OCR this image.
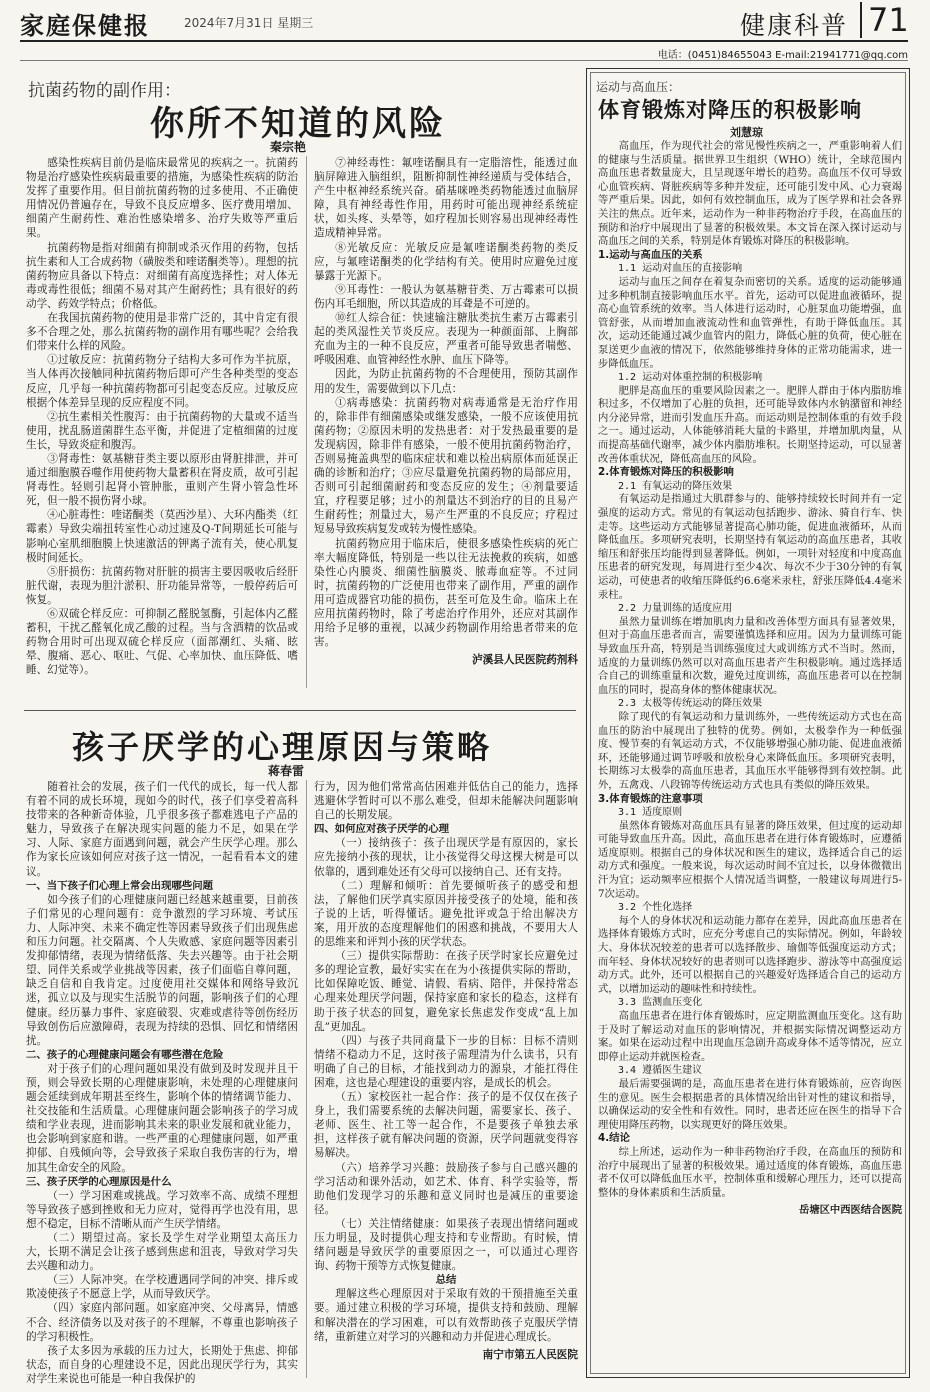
家庭保健报	2024年7月31日 星期三	健康科普 71
电话：(0451)84655043 E-mail:21941771@qq.com
抗菌药物的副作用：
你所不知道的风险
秦宗艳

感染性疾病目前仍是临床最常见的疾病之一。抗菌药物是治疗感染性疾病最重要的措施，为感染性疾病的防治发挥了重要作用。但目前抗菌药物的过多使用、不正确使用情况仍普遍存在，导致不良反应增多、医疗费用增加、细菌产生耐药性、难治性感染增多、治疗失败等严重后果。

抗菌药物是指对细菌有抑制或杀灭作用的药物，包括抗生素和人工合成药物（磺胺类和喹诺酮类等）。理想的抗菌药物应具备以下特点：对细菌有高度选择性；对人体无毒或毒性很低；细菌不易对其产生耐药性；具有很好的药动学、药效学特点；价格低。

在我国抗菌药物的使用是非常广泛的，其中肯定有很多不合理之处，那么抗菌药物的副作用有哪些呢？会给我们带来什么样的风险。

①过敏反应：抗菌药物分子结构大多可作为半抗原，当人体再次接触同种抗菌药物后即可产生各种类型的变态反应，几乎每一种抗菌药物都可引起变态反应。过敏反应根据个体差异呈现的反应程度不同。

②抗生素相关性腹泻：由于抗菌药物的大量或不适当使用，扰乱肠道菌群生态平衡，并促进了定植细菌的过度生长，导致炎症和腹泻。

③肾毒性：氨基糖苷类主要以原形由肾脏排泄，并可通过细胞膜吞噬作用使药物大量蓄积在肾皮质，故可引起肾毒性。轻则引起肾小管肿胀，重则产生肾小管急性坏死，但一般不损伤肾小球。

④心脏毒性：喹诺酮类（莫西沙星）、大环内酯类（红霉素）导致尖端扭转室性心动过速及Q-T间期延长可能与影响心室肌细胞膜上快速激活的钾离子流有关，使心肌复极时间延长。

⑤肝损伤：抗菌药物对肝脏的损害主要因吸收后经肝脏代谢，表现为胆汁淤积、肝功能异常等，一般停药后可恢复。

⑥双硫仑样反应：可抑制乙醛脱氢酶，引起体内乙醛蓄积，干扰乙醛氧化成乙酸的过程。当与含酒精的饮品或药物合用时可出现双硫仑样反应（面部潮红、头痛、眩晕、腹痛、恶心、呕吐、气促、心率加快、血压降低、嗜睡、幻觉等）。

⑦神经毒性：氟喹诺酮具有一定脂溶性，能透过血脑屏障进入脑组织，阻断抑制性神经递质与受体结合，产生中枢神经系统兴奋。硝基咪唑类药物能透过血脑屏障，具有神经毒性作用，用药时可能出现神经系统症状，如头疼、头晕等，如疗程加长则容易出现神经毒性造成精神异常。

⑧光敏反应：光敏反应是氟喹诺酮类药物的类反应，与氟喹诺酮类的化学结构有关。使用时应避免过度暴露于光源下。

⑨耳毒性：一般认为氨基糖苷类、万古霉素可以损伤内耳毛细胞，所以其造成的耳聋是不可逆的。

⑩红人综合征：快速输注糖肽类抗生素万古霉素引起的类风湿性关节炎反应。表现为一种颜面部、上胸部充血为主的一种不良反应，严重者可能导致患者喘憋、呼吸困难、血管神经性水肿、血压下降等。

因此，为防止抗菌药物的不合理使用，预防其副作用的发生，需要做到以下几点：

①病毒感染：抗菌药物对病毒通常是无治疗作用的，除非伴有细菌感染或继发感染，一般不应该使用抗菌药物；②原因未明的发热患者：对于发热最重要的是发现病因，除非伴有感染，一般不使用抗菌药物治疗，否则易掩盖典型的临床症状和难以检出病原体而延误正确的诊断和治疗；③应尽量避免抗菌药物的局部应用，否则可引起细菌耐药和变态反应的发生；④剂量要适宜，疗程要足够；过小的剂量达不到治疗的目的且易产生耐药性；剂量过大，易产生严重的不良反应；疗程过短易导致疾病复发或转为慢性感染。

抗菌药物应用于临床后，使很多感染性疾病的死亡率大幅度降低，特别是一些以往无法挽救的疾病，如感染性心内膜炎、细菌性脑膜炎、脓毒血症等。不过同时，抗菌药物的广泛使用也带来了副作用，严重的副作用可造成器官功能的损伤，甚至可危及生命。临床上在应用抗菌药物时，除了考虑治疗作用外，还应对其副作用给予足够的重视，以减少药物副作用给患者带来的危害。

泸溪县人民医院药剂科

孩子厌学的心理原因与策略
蒋春雷

随着社会的发展，孩子们一代代的成长，每一代人都有着不同的成长环境，现如今的时代，孩子们享受着高科技带来的各种新奇体验，几乎很多孩子都难逃电子产品的魅力，导致孩子在解决现实问题的能力不足，如果在学习、人际、家庭方面遇到问题，就会产生厌学心理。那么作为家长应该如何应对孩子这一情况，一起看看本文的建议。

一、当下孩子们心理上常会出现哪些问题

如今孩子们的心理健康问题已经越来越重要，目前孩子们常见的心理问题有：竞争激烈的学习环境、考试压力、人际冲突、未来不确定性等因素导致孩子们出现焦虑和压力问题。社交隔离、个人失败感、家庭问题等因素引发抑郁情绪，表现为情绪低落、失去兴趣等。由于社会期望、同伴关系或学业挑战等因素，孩子们面临自尊问题，缺乏自信和自我肯定。过度使用社交媒体和网络导致沉迷，孤立以及与现实生活脱节的问题，影响孩子们的心理健康。经历暴力事件、家庭破裂、灾难或虐待等创伤经历导致创伤后应激障碍，表现为持续的恐惧、回忆和情绪困扰。

二、孩子的心理健康问题会有哪些潜在危险

对于孩子们的心理问题如果没有做到及时发现并且干预，则会导致长期的心理健康影响，未处理的心理健康问题会延续到成年期甚至终生，影响个体的情绪调节能力、社交技能和生活质量。心理健康问题会影响孩子的学习成绩和学业表现，进而影响其未来的职业发展和就业能力，也会影响到家庭和谐。一些严重的心理健康问题，如严重抑郁、自残倾向等，会导致孩子采取自我伤害的行为，增加其生命安全的风险。

三、孩子厌学的心理原因是什么

（一）学习困难或挑战。学习效率不高、成绩不理想等导致孩子感到挫败和无力应对，觉得再学也没有用，思想不稳定，目标不清晰从而产生厌学情绪。

（二）期望过高。家长及学生对学业期望太高压力大，长期不满足会让孩子感到焦虑和沮丧，导致对学习失去兴趣和动力。

（三）人际冲突。在学校遭遇同学间的冲突、排斥或欺凌使孩子不愿意上学，从而导致厌学。

（四）家庭内部问题。如家庭冲突、父母离异，情感不合、经济债务以及对孩子的不理解，不尊重也影响孩子的学习积极性。

孩子太多因为承载的压力过大，长期处于焦虑、抑郁状态，而自身的心理建设不足，因此出现厌学行为，其实对学生来说也可能是一种自我保护的

行为，因为他们常常高估困难并低估自己的能力，选择逃避休学暂时可以不那么难受，但却未能解决问题影响自己的长期发展。

四、如何应对孩子厌学的心理

（一）接纳孩子：孩子出现厌学是有原因的，家长应先接纳小孩的现状，让小孩觉得父母这棵大树是可以依靠的，遇到难处还有父母可以接纳自己、还有支持。

（二）理解和倾听：首先要倾听孩子的感受和想法，了解他们厌学真实原因并接受孩子的处境，能和孩子说的上话，听得懂话。避免批评或急于给出解决方案，用开放的态度理解他们的困惑和挑战，不要用大人的思维来和评判小孩的厌学状态。

（三）提供实际帮助：在孩子厌学时家长应避免过多的理论宣教，最好实实在在为小孩提供实际的帮助，比如保障吃饭、睡觉、请假、看病、陪伴，并保持常态心理来处理厌学问题，保持家庭和家长的稳态，这样有助于孩子状态的回复，避免家长焦虑发作变成“乱上加乱”更加乱。

（四）与孩子共同商量下一步的目标：目标不清则情绪不稳动力不足，这时孩子需理清为什么读书，只有明确了自己的目标，才能找到动力的源泉，才能扛得住困难，这也是心理建设的重要内容，是成长的机会。

（五）家校医社一起合作：孩子的是不仅仅在孩子身上，我们需要系统的去解决问题，需要家长、孩子、老师、医生、社工等一起合作，不是要孩子单独去承担，这样孩子就有解决问题的资源，厌学问题就变得容易解决。

（六）培养学习兴趣：鼓励孩子参与自己感兴趣的学习活动和课外活动，如艺术、体育、科学实验等，帮助他们发现学习的乐趣和意义同时也是减压的重要途径。

（七）关注情绪健康：如果孩子表现出情绪问题或压力明显，及时提供心理支持和专业帮助。有时候，情绪问题是导致厌学的重要原因之一，可以通过心理咨询、药物干预等方式恢复健康。

总结

理解这些心理原因对于采取有效的干预措施至关重要。通过建立积极的学习环境，提供支持和鼓励、理解和解决潜在的学习困难，可以有效帮助孩子克服厌学情绪，重新建立对学习的兴趣和动力并促进心理成长。

南宁市第五人民医院

运动与高血压：
体育锻炼对降压的积极影响
刘慧琼

高血压，作为现代社会的常见慢性疾病之一，严重影响着人们的健康与生活质量。据世界卫生组织（WHO）统计，全球范围内高血压患者数量庞大，且呈现逐年增长的趋势。高血压不仅可导致心血管疾病、肾脏疾病等多种并发症，还可能引发中风、心力衰竭等严重后果。因此，如何有效控制血压，成为了医学界和社会各界关注的焦点。近年来，运动作为一种非药物治疗手段，在高血压的预防和治疗中展现出了显著的积极效果。本文旨在深入探讨运动与高血压之间的关系，特别是体育锻炼对降压的积极影响。

1.运动与高血压的关系

1.1 运动对血压的直接影响

运动与血压之间存在着复杂而密切的关系。适度的运动能够通过多种机制直接影响血压水平。首先，运动可以促进血液循环，提高心血管系统的效率。当人体进行运动时，心脏泵血功能增强，血管舒张，从而增加血液流动性和血管弹性，有助于降低血压。其次，运动还能通过减少血管内的阻力，降低心脏的负荷，使心脏在泵送更少血液的情况下，依然能够维持身体的正常功能需求，进一步降低血压。

1.2 运动对体重控制的积极影响

肥胖是高血压的重要风险因素之一。肥胖人群由于体内脂肪堆积过多，不仅增加了心脏的负担，还可能导致体内水钠潴留和神经内分泌异常，进而引发血压升高。而运动则是控制体重的有效手段之一。通过运动，人体能够消耗大量的卡路里，并增加肌肉量，从而提高基础代谢率，减少体内脂肪堆积。长期坚持运动，可以显著改善体重状况，降低高血压的风险。

2.体育锻炼对降压的积极影响

2.1 有氧运动的降压效果

有氧运动是指通过大肌群参与的、能够持续较长时间并有一定强度的运动方式。常见的有氧运动包括跑步、游泳、骑自行车、快走等。这些运动方式能够显著提高心肺功能，促进血液循环，从而降低血压。多项研究表明，长期坚持有氧运动的高血压患者，其收缩压和舒张压均能得到显著降低。例如，一项针对轻度和中度高血压患者的研究发现，每周进行至少4次、每次不少于30分钟的有氧运动，可使患者的收缩压降低约6.6毫米汞柱，舒张压降低4.4毫米汞柱。

2.2 力量训练的适度应用

虽然力量训练在增加肌肉力量和改善体型方面具有显著效果，但对于高血压患者而言，需要谨慎选择和应用。因为力量训练可能导致血压升高，特别是当训练强度过大或训练方式不当时。然而，适度的力量训练仍然可以对高血压患者产生积极影响。通过选择适合自己的训练重量和次数，避免过度训练，高血压患者可以在控制血压的同时，提高身体的整体健康状况。

2.3 太极等传统运动的降压效果

除了现代的有氧运动和力量训练外，一些传统运动方式也在高血压的防治中展现出了独特的优势。例如，太极拳作为一种低强度、慢节奏的有氧运动方式，不仅能够增强心肺功能、促进血液循环，还能够通过调节呼吸和放松身心来降低血压。多项研究表明，长期练习太极拳的高血压患者，其血压水平能够得到有效控制。此外，五禽戏、八段锦等传统运动方式也具有类似的降压效果。

3.体育锻炼的注意事项

3.1 适度原则

虽然体育锻炼对高血压具有显著的降压效果，但过度的运动却可能导致血压升高。因此，高血压患者在进行体育锻炼时，应遵循适度原则。根据自己的身体状况和医生的建议，选择适合自己的运动方式和强度。一般来说，每次运动时间不宜过长，以身体微微出汗为宜；运动频率应根据个人情况适当调整，一般建议每周进行5-7次运动。

3.2 个性化选择

每个人的身体状况和运动能力都存在差异，因此高血压患者在选择体育锻炼方式时，应充分考虑自己的实际情况。例如，年龄较大、身体状况较差的患者可以选择散步、瑜伽等低强度运动方式；而年轻、身体状况较好的患者则可以选择跑步、游泳等中高强度运动方式。此外，还可以根据自己的兴趣爱好选择适合自己的运动方式，以增加运动的趣味性和持续性。

3.3 监测血压变化

高血压患者在进行体育锻炼时，应定期监测血压变化。这有助于及时了解运动对血压的影响情况，并根据实际情况调整运动方案。如果在运动过程中出现血压急剧升高或身体不适等情况，应立即停止运动并就医检查。

3.4 遵循医生建议

最后需要强调的是，高血压患者在进行体育锻炼前，应咨询医生的意见。医生会根据患者的具体情况给出针对性的建议和指导，以确保运动的安全性和有效性。同时，患者还应在医生的指导下合理使用降压药物，以实现更好的降压效果。

4.结论

综上所述，运动作为一种非药物治疗手段，在高血压的预防和治疗中展现出了显著的积极效果。通过适度的体育锻炼，高血压患者不仅可以降低血压水平，控制体重和缓解心理压力，还可以提高整体的身体素质和生活质量。

岳塘区中西医结合医院
